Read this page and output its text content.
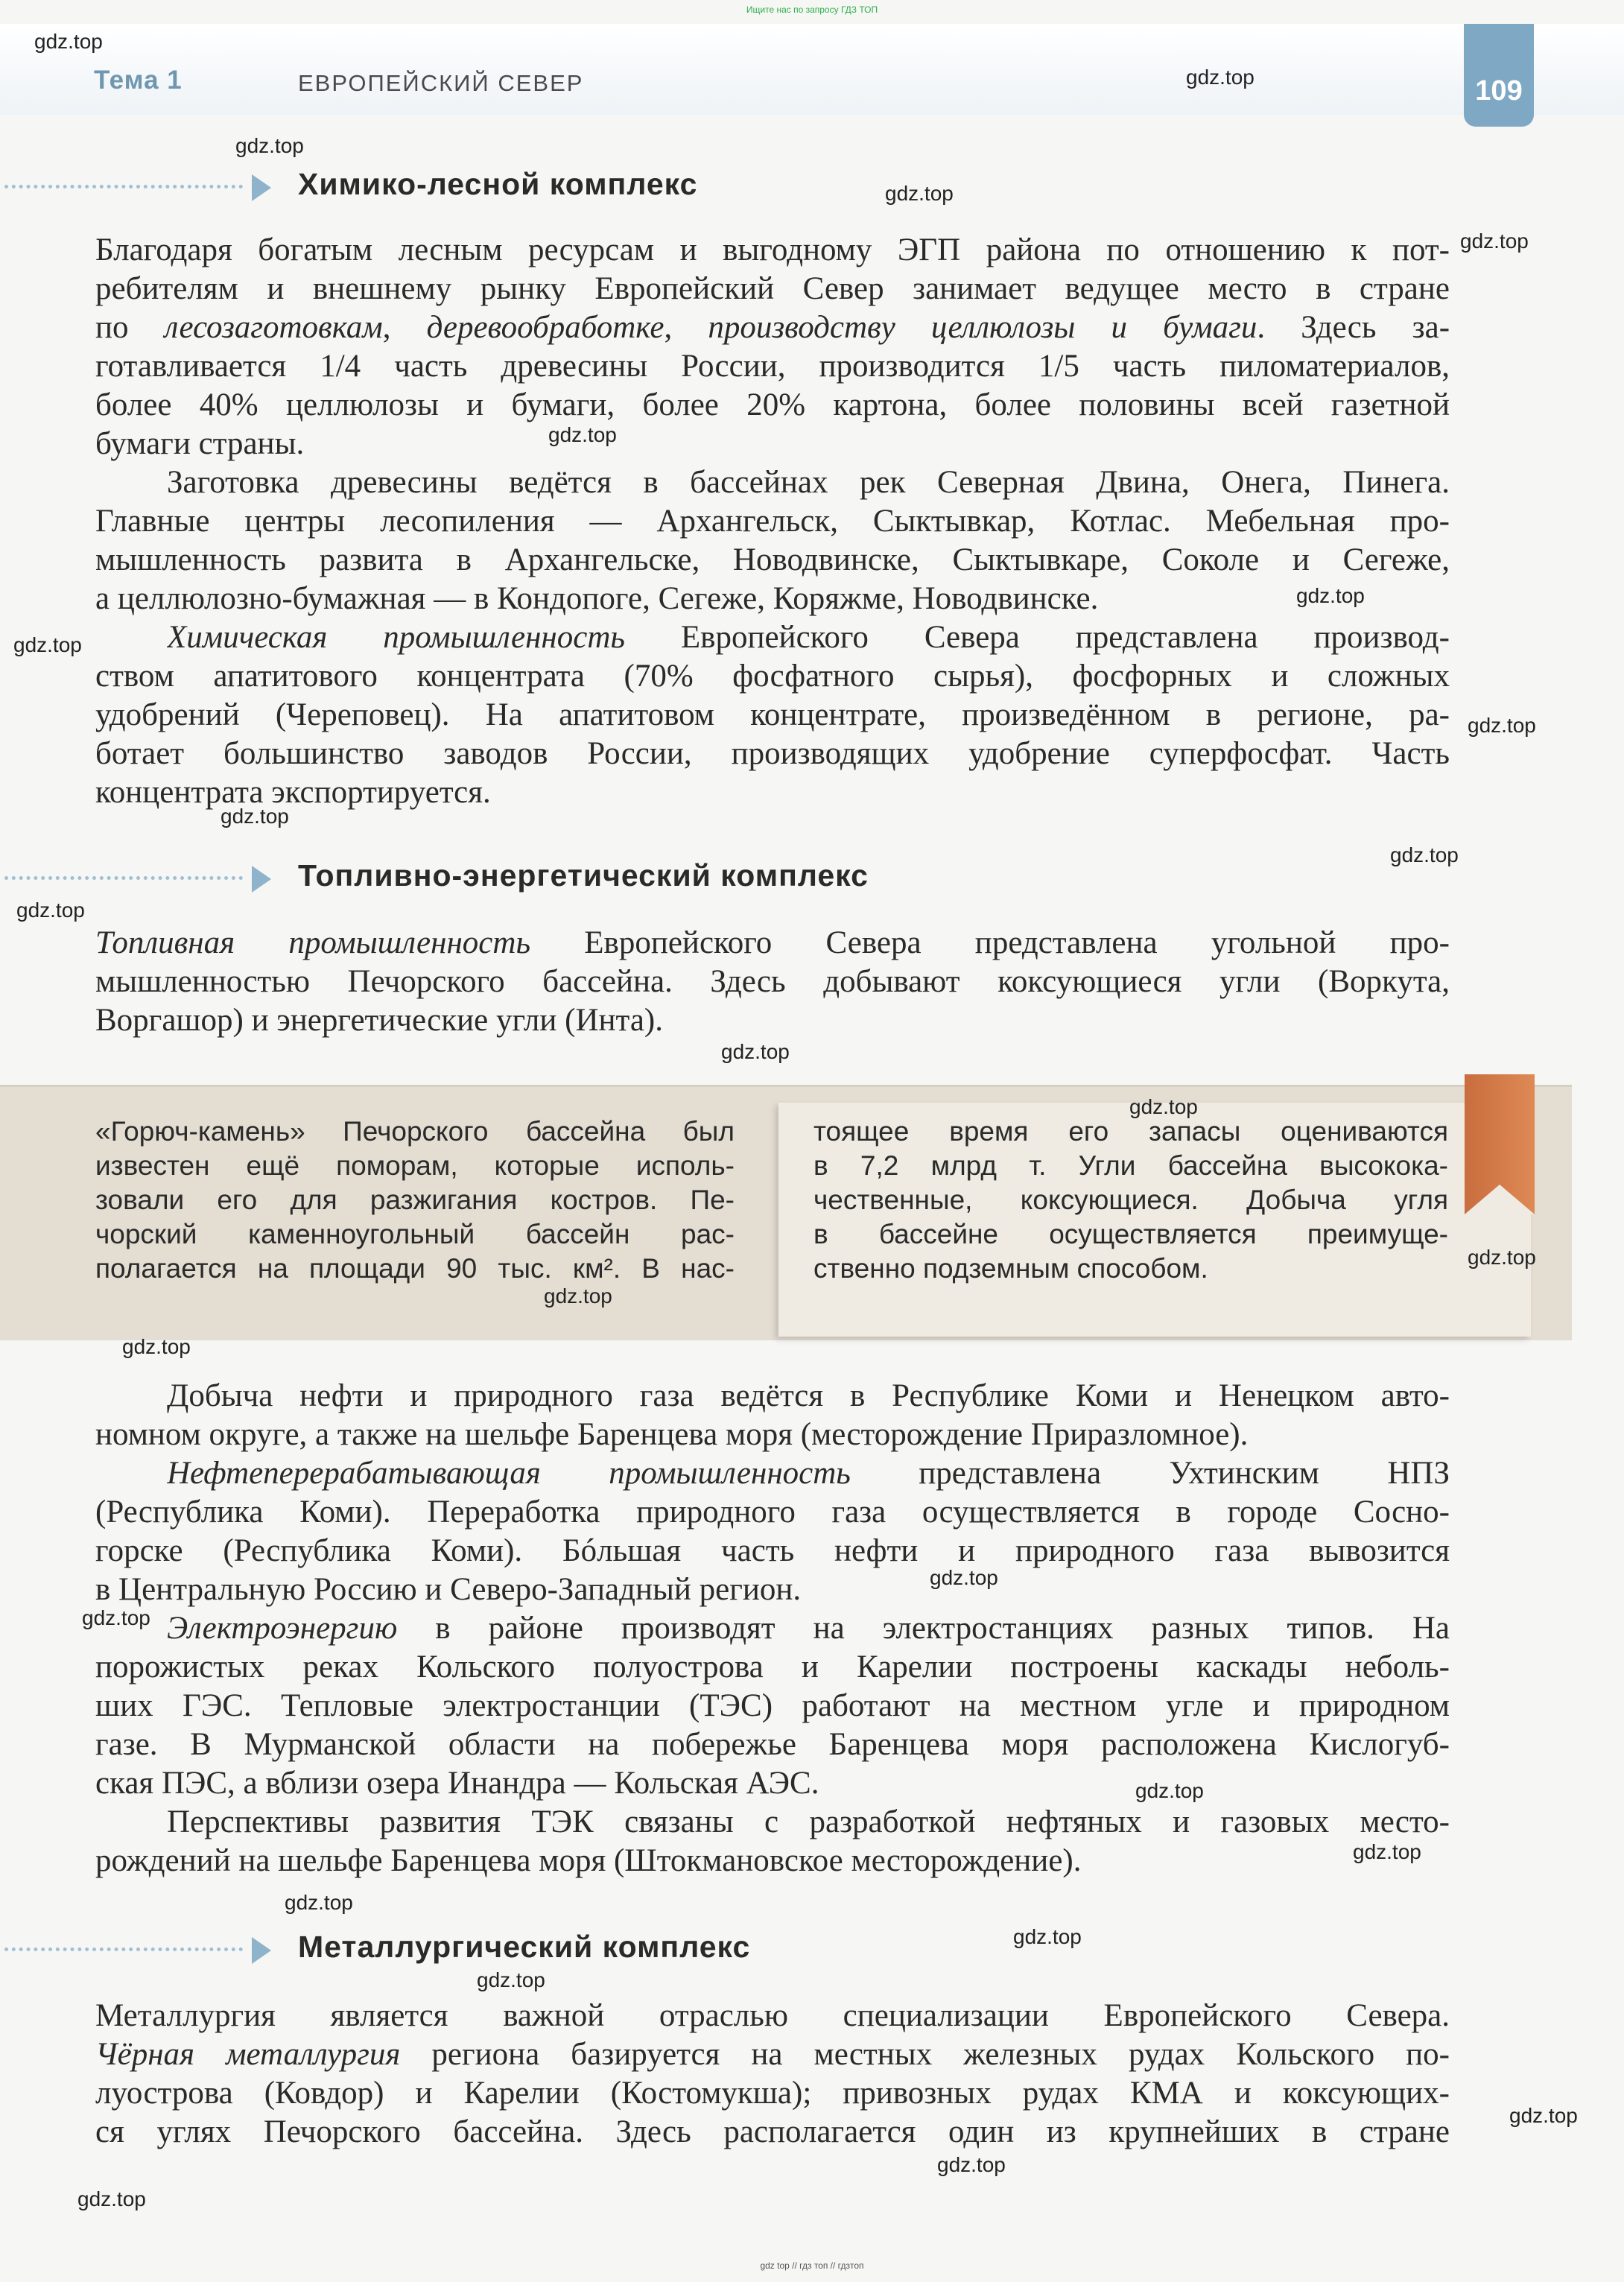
Ищите нас по запросу ГДЗ ТОП
Тема 1	ЕВРОПЕЙСКИЙ СЕВЕР	109
Химико-лесной комплекс
Благодаря богатым лесным ресурсам и выгодному ЭГП района по отношению к пот-
ребителям и внешнему рынку Европейский Север занимает ведущее место в стране
по лесозаготовкам, деревообработке, производству целлюлозы и бумаги. Здесь за-
готавливается 1/4 часть древесины России, производится 1/5 часть пиломатериалов,
более 40% целлюлозы и бумаги, более 20% картона, более половины всей газетной
бумаги страны.
Заготовка древесины ведётся в бассейнах рек Северная Двина, Онега, Пинега.
Главные центры лесопиления — Архангельск, Сыктывкар, Котлас. Мебельная про-
мышленность развита в Архангельске, Новодвинске, Сыктывкаре, Соколе и Сегеже,
а целлюлозно-бумажная — в Кондопоге, Сегеже, Коряжме, Новодвинске.
Химическая промышленность Европейского Севера представлена производ-
ством апатитового концентрата (70% фосфатного сырья), фосфорных и сложных
удобрений (Череповец). На апатитовом концентрате, произведённом в регионе, ра-
ботает большинство заводов России, производящих удобрение суперфосфат. Часть
концентрата экспортируется.
Топливно-энергетический комплекс
Топливная промышленность Европейского Севера представлена угольной про-
мышленностью Печорского бассейна. Здесь добывают коксующиеся угли (Воркута,
Воргашор) и энергетические угли (Инта).
«Горюч-камень» Печорского бассейна был
известен ещё поморам, которые исполь-
зовали его для разжигания костров. Пе-
чорский каменноугольный бассейн рас-
полагается на площади 90 тыс. км². В нас-
тоящее время его запасы оцениваются
в 7,2 млрд т. Угли бассейна высокока-
чественные, коксующиеся. Добыча угля
в бассейне осуществляется преимуще-
ственно подземным способом.
Добыча нефти и природного газа ведётся в Республике Коми и Ненецком авто-
номном округе, а также на шельфе Баренцева моря (месторождение Приразломное).
Нефтеперерабатывающая промышленность представлена Ухтинским НПЗ
(Республика Коми). Переработка природного газа осуществляется в городе Сосно-
горске (Республика Коми). Бóльшая часть нефти и природного газа вывозится
в Центральную Россию и Северо-Западный регион.
Электроэнергию в районе производят на электростанциях разных типов. На
порожистых реках Кольского полуострова и Карелии построены каскады неболь-
ших ГЭС. Тепловые электростанции (ТЭС) работают на местном угле и природном
газе. В Мурманской области на побережье Баренцева моря расположена Кислогуб-
ская ПЭС, а вблизи озера Инандра — Кольская АЭС.
Перспективы развития ТЭК связаны с разработкой нефтяных и газовых место-
рождений на шельфе Баренцева моря (Штокмановское месторождение).
Металлургический комплекс
Металлургия является важной отраслью специализации Европейского Севера.
Чёрная металлургия региона базируется на местных железных рудах Кольского по-
луострова (Ковдор) и Карелии (Костомукша); привозных рудах КМА и коксующих-
ся углях Печорского бассейна. Здесь располагается один из крупнейших в стране
gdz.top
gdz.top
gdz.top
gdz.top
gdz.top
gdz.top
gdz.top
gdz.top
gdz.top
gdz.top
gdz.top
gdz.top
gdz.top
gdz.top
gdz.top
gdz.top
gdz.top
gdz.top
gdz.top
gdz.top
gdz.top
gdz.top
gdz.top
gdz.top
gdz.top
gdz.top
gdz.top
gdz top // гдз топ // гдзтоп
